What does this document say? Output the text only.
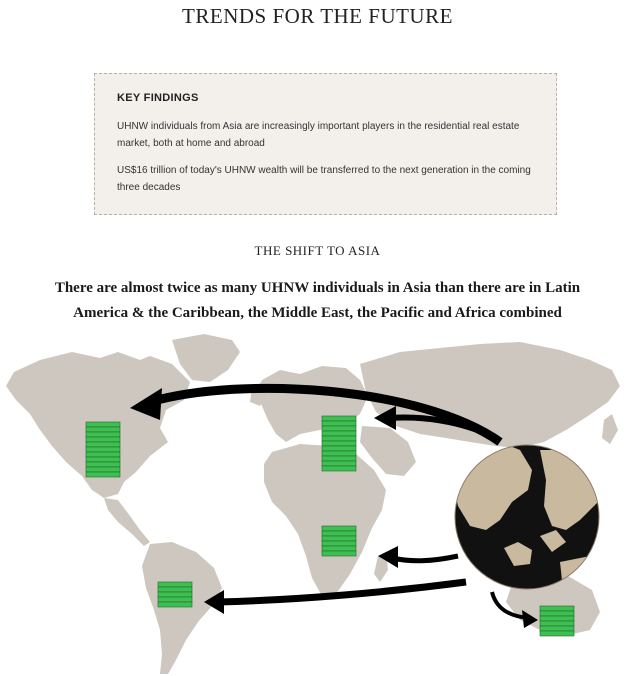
TRENDS FOR THE FUTURE
KEY FINDINGS

UHNW individuals from Asia are increasingly important players in the residential real estate market, both at home and abroad

US$16 trillion of today's UHNW wealth will be transferred to the next generation in the coming three decades

THE SHIFT TO ASIA
There are almost twice as many UHNW individuals in Asia than there are in Latin America & the Caribbean, the Middle East, the Pacific and Africa combined
